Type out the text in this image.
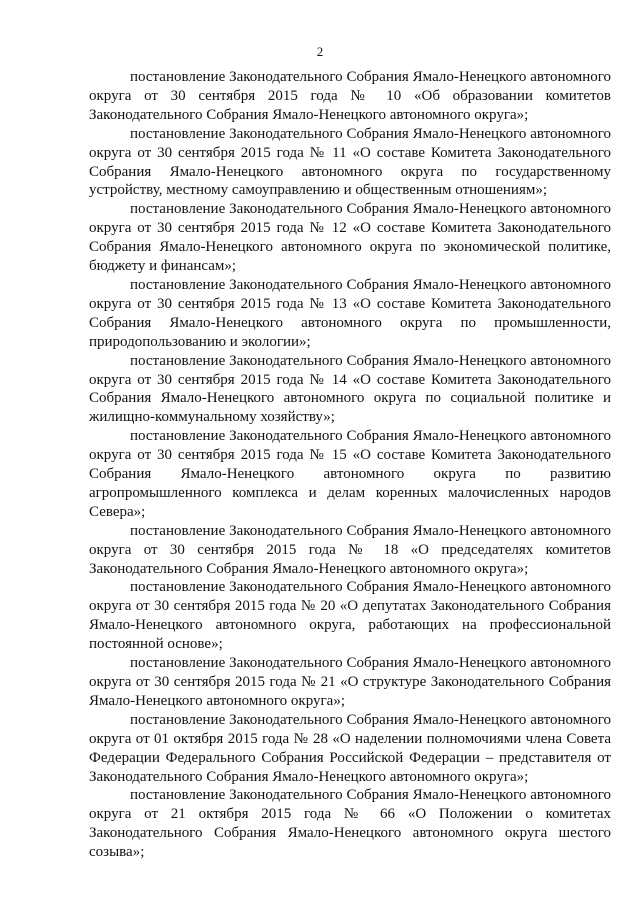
2

постановление Законодательного Собрания Ямало-Ненецкого автономного округа от 30 сентября 2015 года № 10 «Об образовании комитетов Законодательного Собрания Ямало-Ненецкого автономного округа»;

постановление Законодательного Собрания Ямало-Ненецкого автономного округа от 30 сентября 2015 года № 11 «О составе Комитета Законодательного Собрания Ямало-Ненецкого автономного округа по государственному устройству, местному самоуправлению и общественным отношениям»;

постановление Законодательного Собрания Ямало-Ненецкого автономного округа от 30 сентября 2015 года № 12 «О составе Комитета Законодательного Собрания Ямало-Ненецкого автономного округа по экономической политике, бюджету и финансам»;

постановление Законодательного Собрания Ямало-Ненецкого автономного округа от 30 сентября 2015 года № 13 «О составе Комитета Законодательного Собрания Ямало-Ненецкого автономного округа по промышленности, природопользованию и экологии»;

постановление Законодательного Собрания Ямало-Ненецкого автономного округа от 30 сентября 2015 года № 14 «О составе Комитета Законодательного Собрания Ямало-Ненецкого автономного округа по социальной политике и жилищно-коммунальному хозяйству»;

постановление Законодательного Собрания Ямало-Ненецкого автономного округа от 30 сентября 2015 года № 15 «О составе Комитета Законодательного Собрания Ямало-Ненецкого автономного округа по развитию агропромышленного комплекса и делам коренных малочисленных народов Севера»;

постановление Законодательного Собрания Ямало-Ненецкого автономного округа от 30 сентября 2015 года № 18 «О председателях комитетов Законодательного Собрания Ямало-Ненецкого автономного округа»;

постановление Законодательного Собрания Ямало-Ненецкого автономного округа от 30 сентября 2015 года № 20 «О депутатах Законодательного Собрания Ямало-Ненецкого автономного округа, работающих на профессиональной постоянной основе»;

постановление Законодательного Собрания Ямало-Ненецкого автономного округа от 30 сентября 2015 года № 21 «О структуре Законодательного Собрания Ямало-Ненецкого автономного округа»;

постановление Законодательного Собрания Ямало-Ненецкого автономного округа от 01 октября 2015 года № 28 «О наделении полномочиями члена Совета Федерации Федерального Собрания Российской Федерации – представителя от Законодательного Собрания Ямало-Ненецкого автономного округа»;

постановление Законодательного Собрания Ямало-Ненецкого автономного округа от 21 октября 2015 года № 66 «О Положении о комитетах Законодательного Собрания Ямало-Ненецкого автономного округа шестого созыва»;
